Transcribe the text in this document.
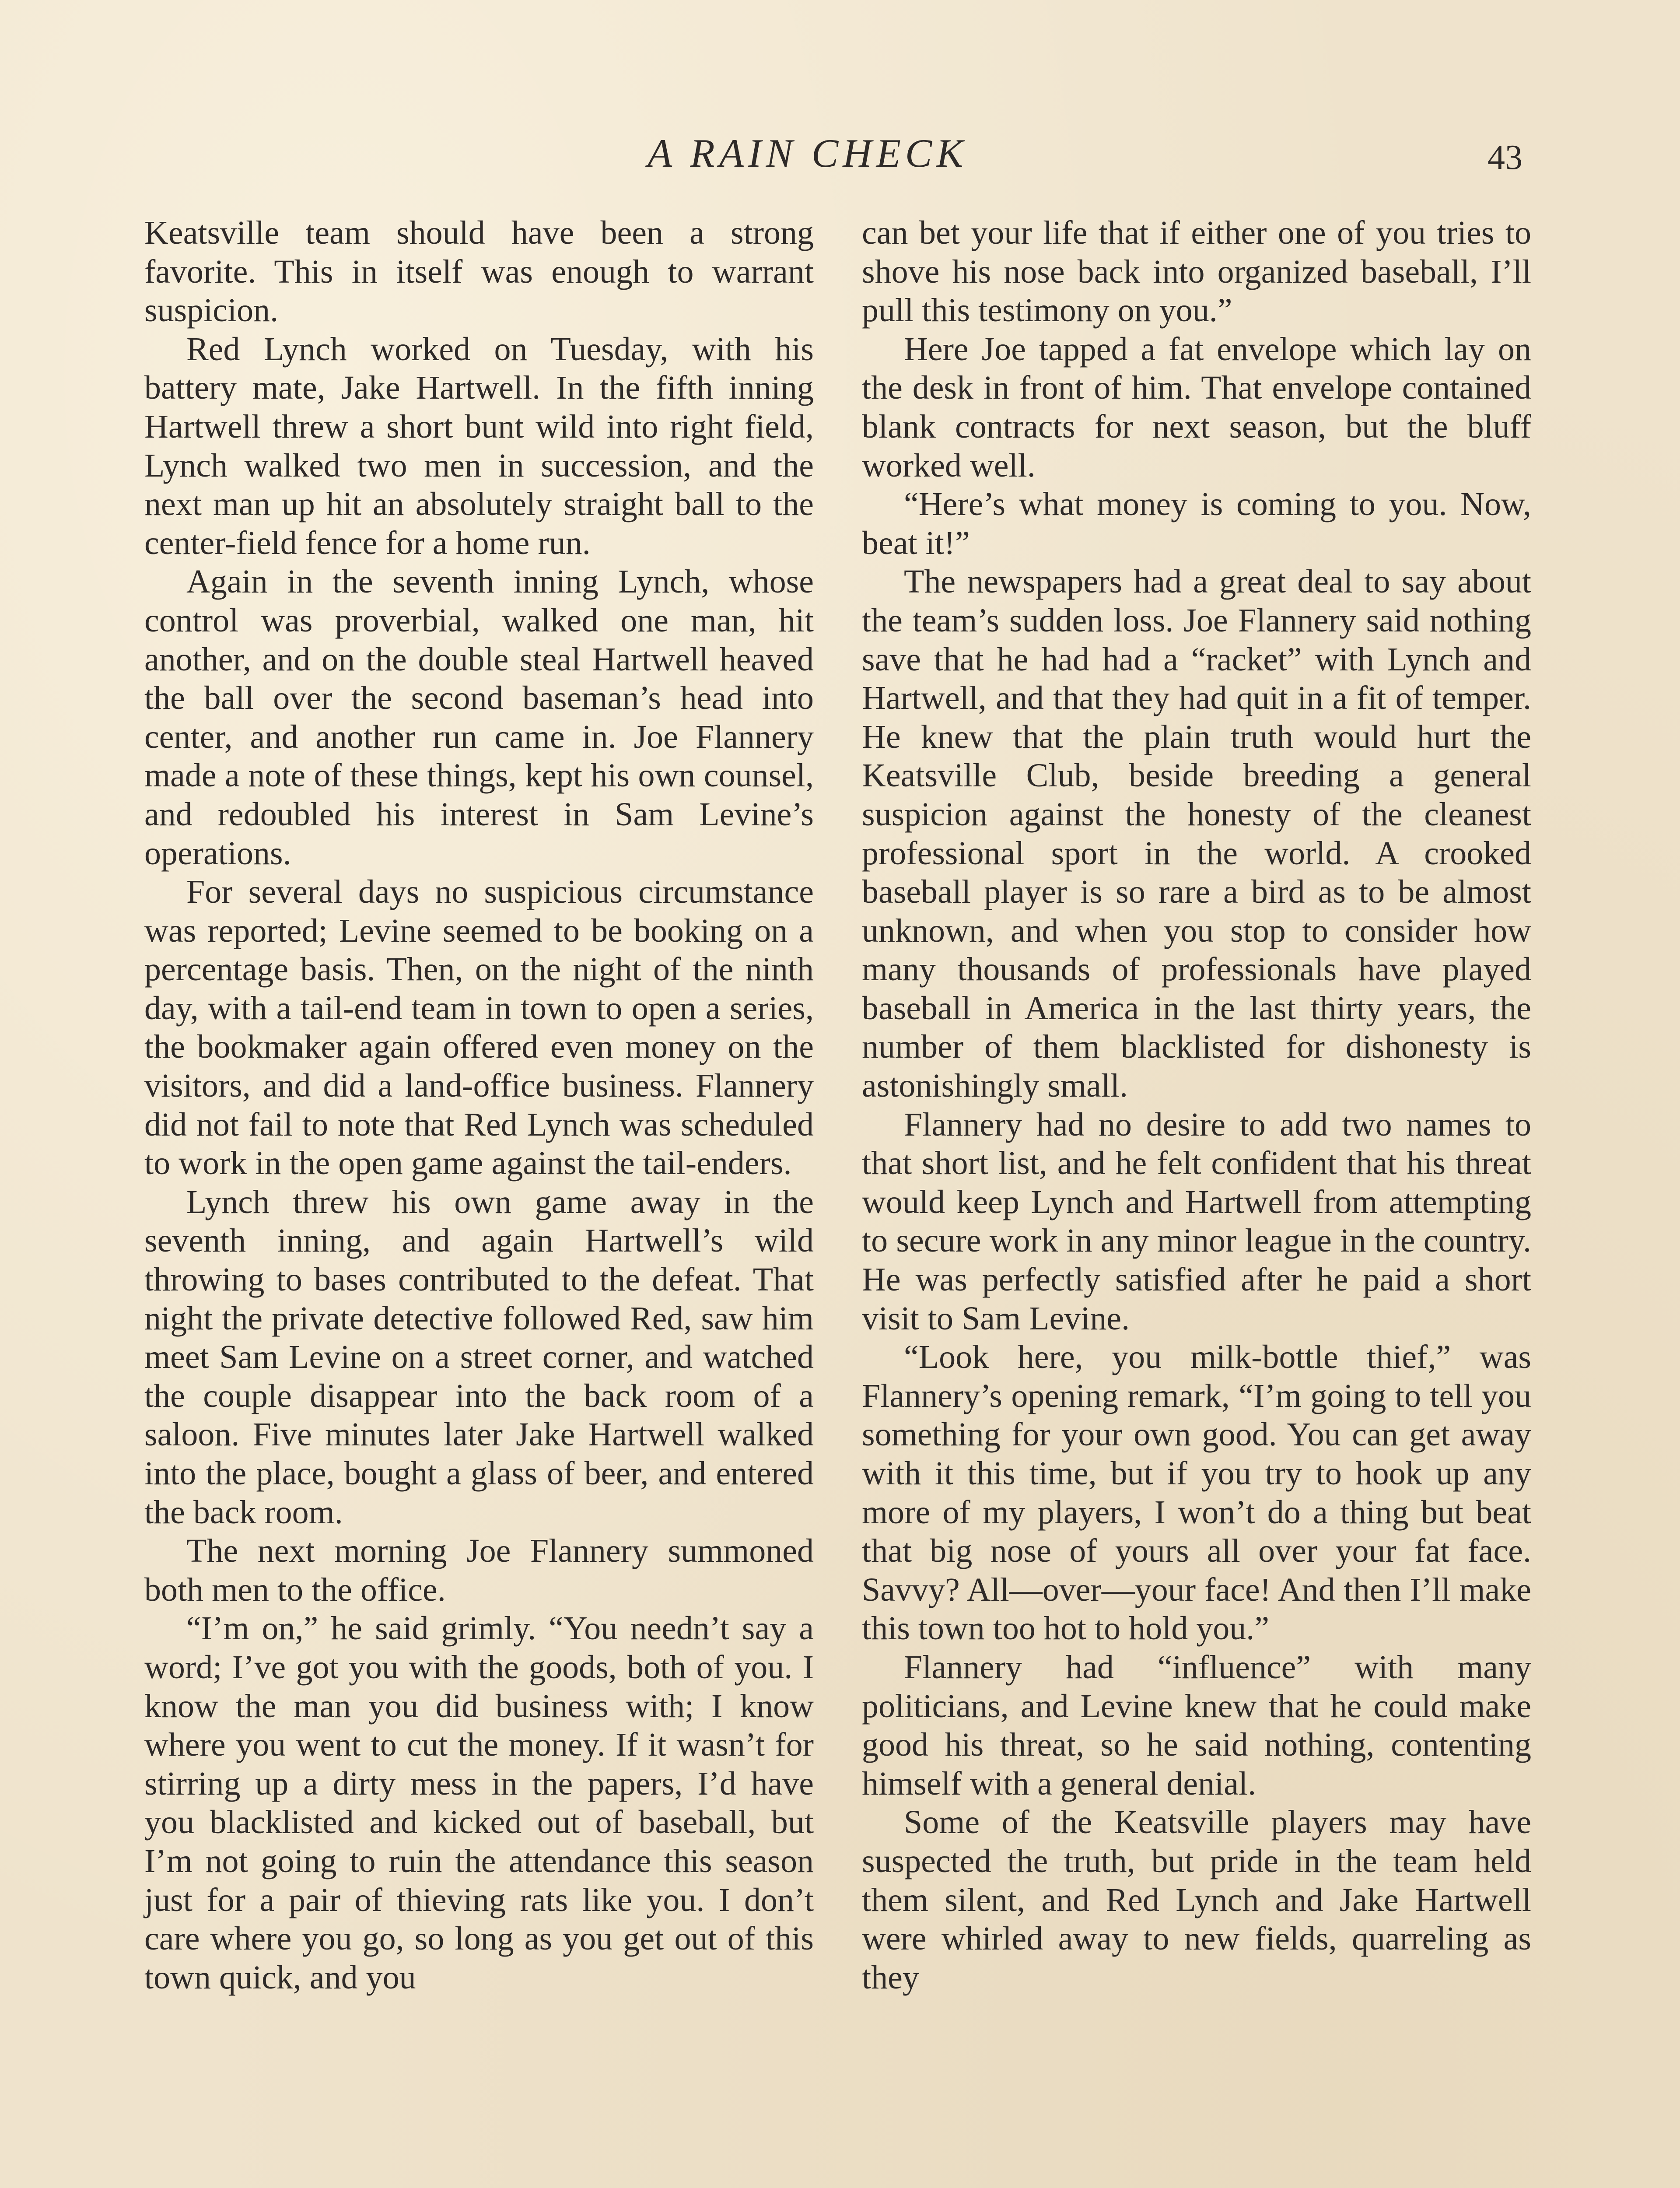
A RAIN CHECK	43

Keatsville team should have been a strong favorite. This in itself was enough to warrant suspicion.

Red Lynch worked on Tuesday, with his battery mate, Jake Hartwell. In the fifth inning Hartwell threw a short bunt wild into right field, Lynch walked two men in succession, and the next man up hit an absolutely straight ball to the center-field fence for a home run.

Again in the seventh inning Lynch, whose control was proverbial, walked one man, hit another, and on the double steal Hartwell heaved the ball over the second baseman’s head into center, and another run came in. Joe Flannery made a note of these things, kept his own counsel, and redoubled his interest in Sam Levine’s operations.

For several days no suspicious circumstance was reported; Levine seemed to be booking on a percentage basis. Then, on the night of the ninth day, with a tail-end team in town to open a series, the bookmaker again offered even money on the visitors, and did a land-office business. Flannery did not fail to note that Red Lynch was scheduled to work in the open game against the tail-enders.

Lynch threw his own game away in the seventh inning, and again Hartwell’s wild throwing to bases contributed to the defeat. That night the private detective followed Red, saw him meet Sam Levine on a street corner, and watched the couple disappear into the back room of a saloon. Five minutes later Jake Hartwell walked into the place, bought a glass of beer, and entered the back room.

The next morning Joe Flannery summoned both men to the office.

“I’m on,” he said grimly. “You needn’t say a word; I’ve got you with the goods, both of you. I know the man you did business with; I know where you went to cut the money. If it wasn’t for stirring up a dirty mess in the papers, I’d have you blacklisted and kicked out of baseball, but I’m not going to ruin the attendance this season just for a pair of thieving rats like you. I don’t care where you go, so long as you get out of this town quick, and you

can bet your life that if either one of you tries to shove his nose back into organized baseball, I’ll pull this testimony on you.”

Here Joe tapped a fat envelope which lay on the desk in front of him. That envelope contained blank contracts for next season, but the bluff worked well.

“Here’s what money is coming to you. Now, beat it!”

The newspapers had a great deal to say about the team’s sudden loss. Joe Flannery said nothing save that he had had a “racket” with Lynch and Hartwell, and that they had quit in a fit of temper. He knew that the plain truth would hurt the Keatsville Club, beside breeding a general suspicion against the honesty of the cleanest professional sport in the world. A crooked baseball player is so rare a bird as to be almost unknown, and when you stop to consider how many thousands of professionals have played baseball in America in the last thirty years, the number of them blacklisted for dishonesty is astonishingly small.

Flannery had no desire to add two names to that short list, and he felt confident that his threat would keep Lynch and Hartwell from attempting to secure work in any minor league in the country. He was perfectly satisfied after he paid a short visit to Sam Levine.

“Look here, you milk-bottle thief,” was Flannery’s opening remark, “I’m going to tell you something for your own good. You can get away with it this time, but if you try to hook up any more of my players, I won’t do a thing but beat that big nose of yours all over your fat face. Savvy? All—over—your face! And then I’ll make this town too hot to hold you.”

Flannery had “influence” with many politicians, and Levine knew that he could make good his threat, so he said nothing, contenting himself with a general denial.

Some of the Keatsville players may have suspected the truth, but pride in the team held them silent, and Red Lynch and Jake Hartwell were whirled away to new fields, quarreling as they
